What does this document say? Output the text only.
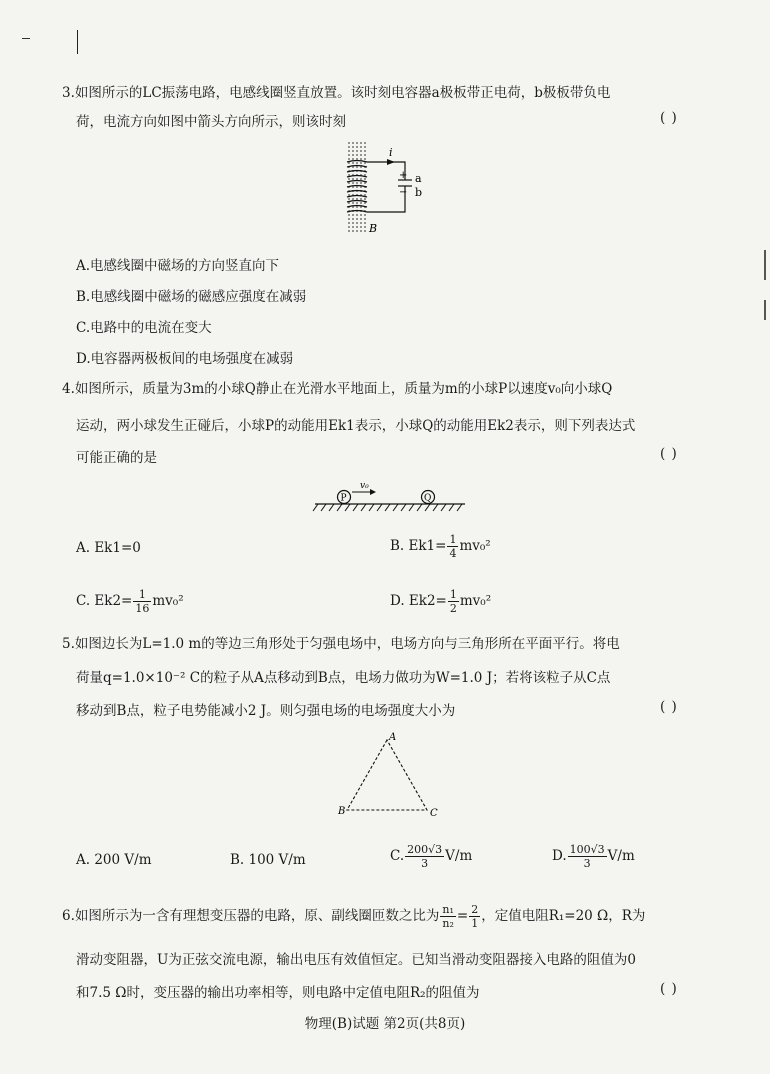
3.如图所示的LC振荡电路，电感线圈竖直放置。该时刻电容器a极板带正电荷，b极板带负电
荷，电流方向如图中箭头方向所示，则该时刻	( )
i
+
−
a
b
B
A.电感线圈中磁场的方向竖直向下
B.电感线圈中磁场的磁感应强度在减弱
C.电路中的电流在变大
D.电容器两极板间的电场强度在减弱
4.如图所示，质量为3m的小球Q静止在光滑水平地面上，质量为m的小球P以速度v₀向小球Q
运动，两小球发生正碰后，小球P的动能用Ek1表示，小球Q的动能用Ek2表示，则下列表达式
可能正确的是	( )
P
v₀
Q
A. Ek1=0	B. $Ek1= \frac{1}{4} mv_0^2$
C. $Ek2= \frac{1}{16} mv_0^2$	D. $Ek2= \frac{1}{2} mv_0^2$
5.如图边长为L=1.0 m的等边三角形处于匀强电场中，电场方向与三角形所在平面平行。将电
荷量q=1.0×10⁻² C的粒子从A点移动到B点，电场力做功为W=1.0 J；若将该粒子从C点
移动到B点，粒子电势能减小2 J。则匀强电场的电场强度大小为	( )
A
B	C
A. 200 V/m	B. 100 V/m	C. $\frac{200√3}{3} V/m$	D. $\frac{100√3}{3} V/m$
6.如图所示为一含有理想变压器的电路，原、副线圈匝数之比为 $\frac{\text{n₁}}{\text{n₂}} = \frac{2}{1}$ ，定值电阻R₁=20 Ω，R为
滑动变阻器，U为正弦交流电源，输出电压有效值恒定。已知当滑动变阻器接入电路的阻值为0
和7.5 Ω时，变压器的输出功率相等，则电路中定值电阻R₂的阻值为	( )
物理(B)试题 第2页(共8页)
